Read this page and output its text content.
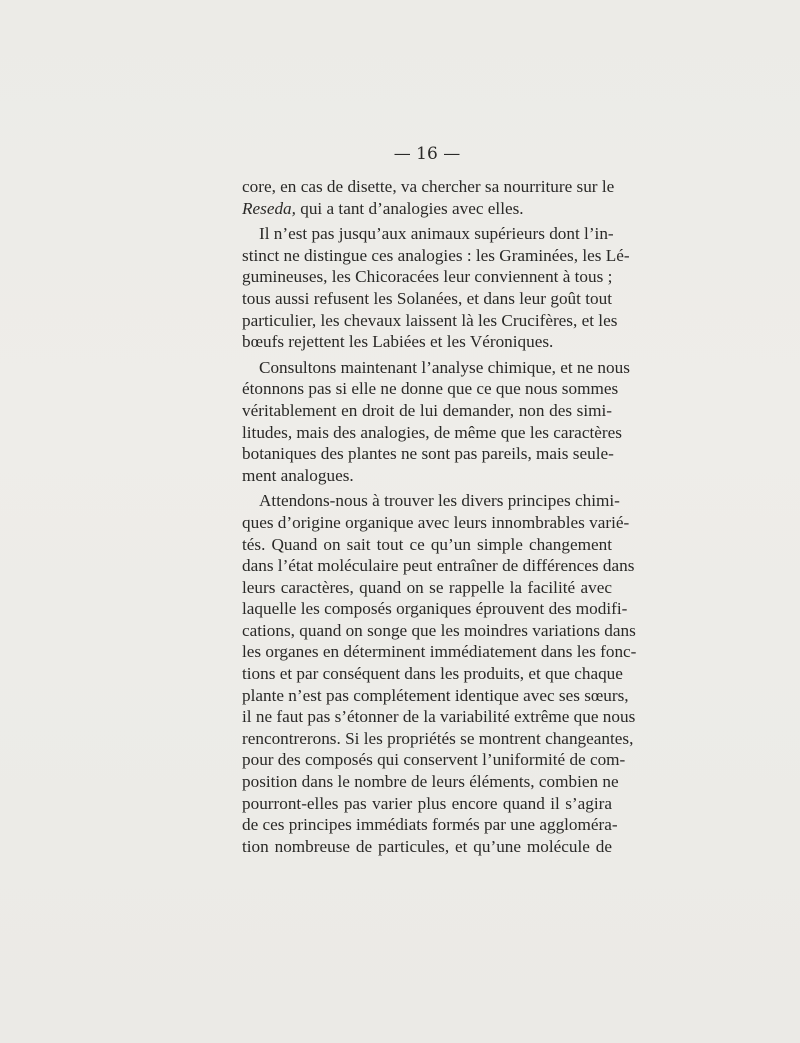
— 16 —
core, en cas de disette, va chercher sa nourriture sur le
Reseda, qui a tant d’analogies avec elles.
Il n’est pas jusqu’aux animaux supérieurs dont l’in-
stinct ne distingue ces analogies : les Graminées, les Lé-
gumineuses, les Chicoracées leur conviennent à tous ;
tous aussi refusent les Solanées, et dans leur goût tout
particulier, les chevaux laissent là les Crucifères, et les
bœufs rejettent les Labiées et les Véroniques.
Consultons maintenant l’analyse chimique, et ne nous
étonnons pas si elle ne donne que ce que nous sommes
véritablement en droit de lui demander, non des simi-
litudes, mais des analogies, de même que les caractères
botaniques des plantes ne sont pas pareils, mais seule-
ment analogues.
Attendons-nous à trouver les divers principes chimi-
ques d’origine organique avec leurs innombrables varié-
tés. Quand on sait tout ce qu’un simple changement
dans l’état moléculaire peut entraîner de différences dans
leurs caractères, quand on se rappelle la facilité avec
laquelle les composés organiques éprouvent des modifi-
cations, quand on songe que les moindres variations dans
les organes en déterminent immédiatement dans les fonc-
tions et par conséquent dans les produits, et que chaque
plante n’est pas complétement identique avec ses sœurs,
il ne faut pas s’étonner de la variabilité extrême que nous
rencontrerons. Si les propriétés se montrent changeantes,
pour des composés qui conservent l’uniformité de com-
position dans le nombre de leurs éléments, combien ne
pourront-elles pas varier plus encore quand il s’agira
de ces principes immédiats formés par une aggloméra-
tion nombreuse de particules, et qu’une molécule de
